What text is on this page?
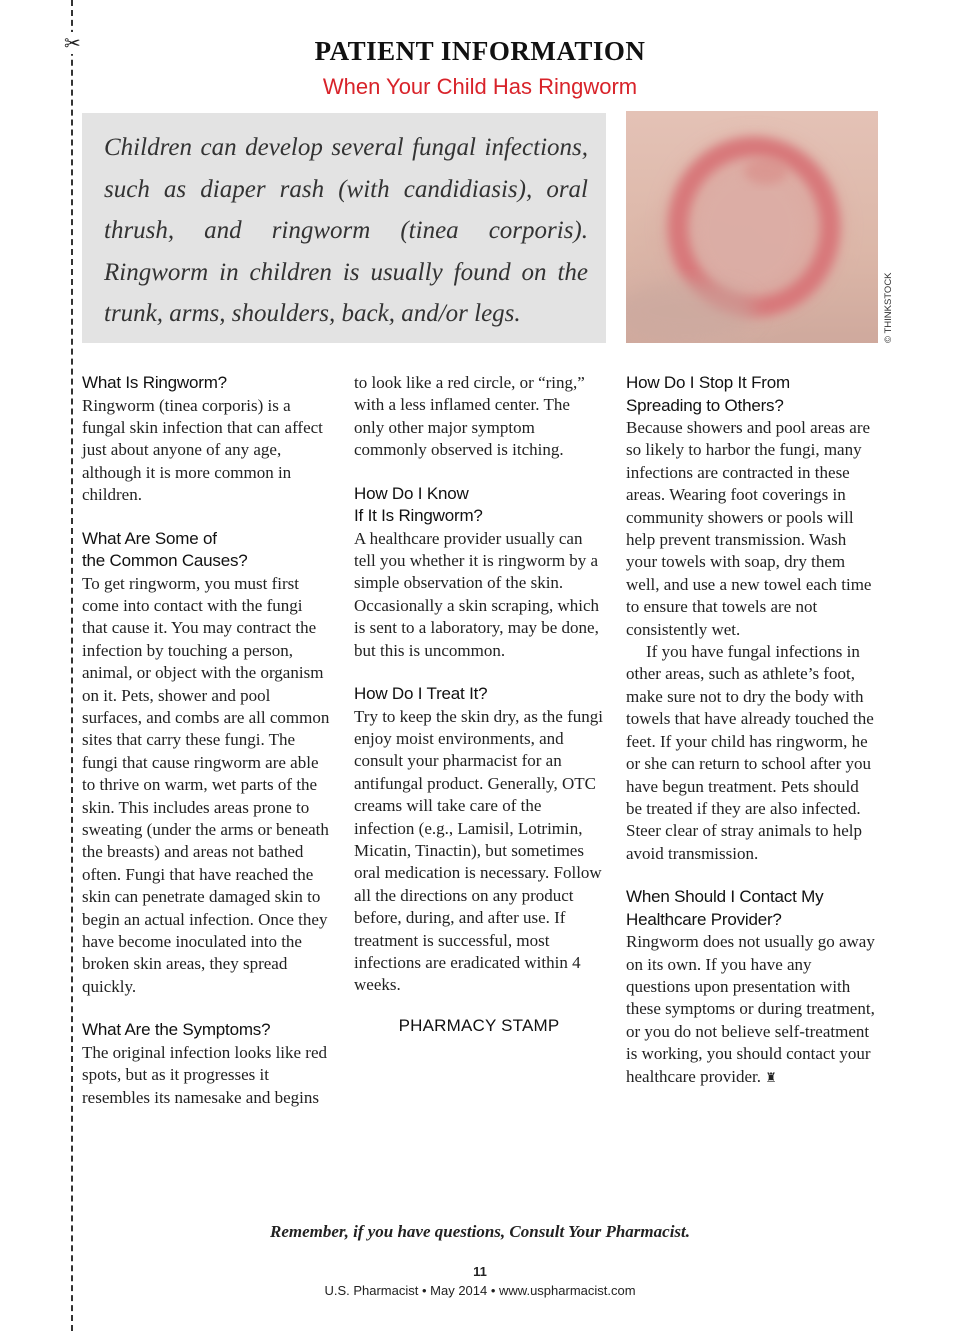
✂	PATIENT INFORMATION
When Your Child Has Ringworm

Children can develop several fungal infections, such as diaper rash (with candidiasis), oral thrush, and ringworm (tinea corporis). Ringworm in children is usually found on the trunk, arms, shoulders, back, and/or legs.	© THINKSTOCK
What Is Ringworm?

Ringworm (tinea corporis) is a fungal skin infection that can affect just about anyone of any age, although it is more common in children.

What Are Some of
the Common Causes?

To get ringworm, you must first come into contact with the fungi that cause it. You may contract the infection by touching a person, animal, or object with the organism on it. Pets, shower and pool surfaces, and combs are all common sites that carry these fungi. The fungi that cause ringworm are able to thrive on warm, wet parts of the skin. This includes areas prone to sweating (under the arms or beneath the breasts) and areas not bathed often. Fungi that have reached the skin can penetrate damaged skin to begin an actual infection. Once they have become inoculated into the broken skin areas, they spread quickly.

What Are the Symptoms?

The original infection looks like red spots, but as it progresses it resembles its namesake and begins

to look like a red circle, or “ring,” with a less inflamed center. The only other major symptom commonly observed is itching.

How Do I Know
If It Is Ringworm?

A healthcare provider usually can tell you whether it is ringworm by a simple observation of the skin. Occasionally a skin scraping, which is sent to a laboratory, may be done, but this is uncommon.

How Do I Treat It?

Try to keep the skin dry, as the fungi enjoy moist environments, and consult your pharmacist for an antifungal product. Generally, OTC creams will take care of the infection (e.g., Lamisil, Lotrimin, Micatin, Tinactin), but sometimes oral medication is necessary. Follow all the directions on any product before, during, and after use. If treatment is successful, most infections are eradicated within 4 weeks.

PHARMACY STAMP
How Do I Stop It From
Spreading to Others?

Because showers and pool areas are so likely to harbor the fungi, many infections are contracted in these areas. Wearing foot coverings in community showers or pools will help prevent transmission. Wash your towels with soap, dry them well, and use a new towel each time to ensure that towels are not consistently wet.

If you have fungal infections in other areas, such as athlete’s foot, make sure not to dry the body with towels that have already touched the feet. If your child has ringworm, he or she can return to school after you have begun treatment. Pets should be treated if they are also infected. Steer clear of stray animals to help avoid transmission.

When Should I Contact My
Healthcare Provider?

Ringworm does not usually go away on its own. If you have any questions upon presentation with these symptoms or during treatment, or you do not believe self-treatment is working, you should contact your healthcare provider. ♜

Remember, if you have questions, Consult Your Pharmacist.
11
U.S. Pharmacist • May 2014 • www.uspharmacist.com
